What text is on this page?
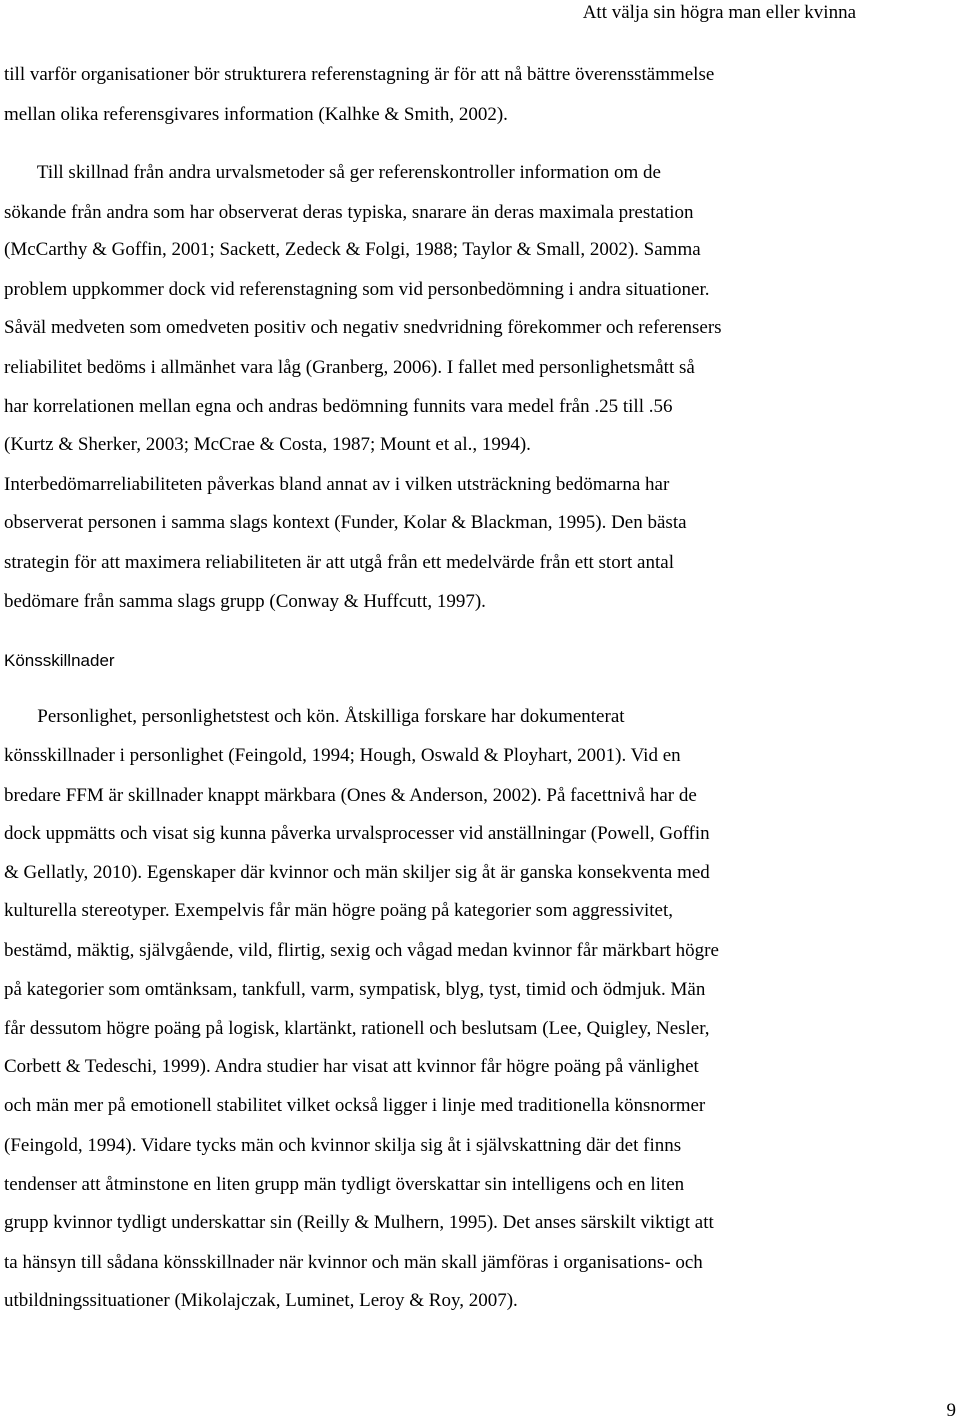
Att välja sin högra man eller kvinna
till varför organisationer bör strukturera referenstagning är för att nå bättre överensstämmelse
mellan olika referensgivares information (Kalhke & Smith, 2002).
Till skillnad från andra urvalsmetoder så ger referenskontroller information om de
sökande från andra som har observerat deras typiska, snarare än deras maximala prestation
(McCarthy & Goffin, 2001; Sackett, Zedeck & Folgi, 1988; Taylor & Small, 2002). Samma
problem uppkommer dock vid referenstagning som vid personbedömning i andra situationer.
Såväl medveten som omedveten positiv och negativ snedvridning förekommer och referensers
reliabilitet bedöms i allmänhet vara låg (Granberg, 2006). I fallet med personlighetsmått så
har korrelationen mellan egna och andras bedömning funnits vara medel från .25 till .56
(Kurtz & Sherker, 2003; McCrae & Costa, 1987; Mount et al., 1994).
Interbedömarreliabiliteten påverkas bland annat av i vilken utsträckning bedömarna har
observerat personen i samma slags kontext (Funder, Kolar & Blackman, 1995). Den bästa
strategin för att maximera reliabiliteten är att utgå från ett medelvärde från ett stort antal
bedömare från samma slags grupp (Conway & Huffcutt, 1997).
Könsskillnader
Personlighet, personlighetstest och kön. Åtskilliga forskare har dokumenterat
könsskillnader i personlighet (Feingold, 1994; Hough, Oswald & Ployhart, 2001). Vid en
bredare FFM är skillnader knappt märkbara (Ones & Anderson, 2002). På facettnivå har de
dock uppmätts och visat sig kunna påverka urvalsprocesser vid anställningar (Powell, Goffin
& Gellatly, 2010). Egenskaper där kvinnor och män skiljer sig åt är ganska konsekventa med
kulturella stereotyper. Exempelvis får män högre poäng på kategorier som aggressivitet,
bestämd, mäktig, självgående, vild, flirtig, sexig och vågad medan kvinnor får märkbart högre
på kategorier som omtänksam, tankfull, varm, sympatisk, blyg, tyst, timid och ödmjuk. Män
får dessutom högre poäng på logisk, klartänkt, rationell och beslutsam (Lee, Quigley, Nesler,
Corbett & Tedeschi, 1999). Andra studier har visat att kvinnor får högre poäng på vänlighet
och män mer på emotionell stabilitet vilket också ligger i linje med traditionella könsnormer
(Feingold, 1994). Vidare tycks män och kvinnor skilja sig åt i självskattning där det finns
tendenser att åtminstone en liten grupp män tydligt överskattar sin intelligens och en liten
grupp kvinnor tydligt underskattar sin (Reilly & Mulhern, 1995). Det anses särskilt viktigt att
ta hänsyn till sådana könsskillnader när kvinnor och män skall jämföras i organisations- och
utbildningssituationer (Mikolajczak, Luminet, Leroy & Roy, 2007).
9
